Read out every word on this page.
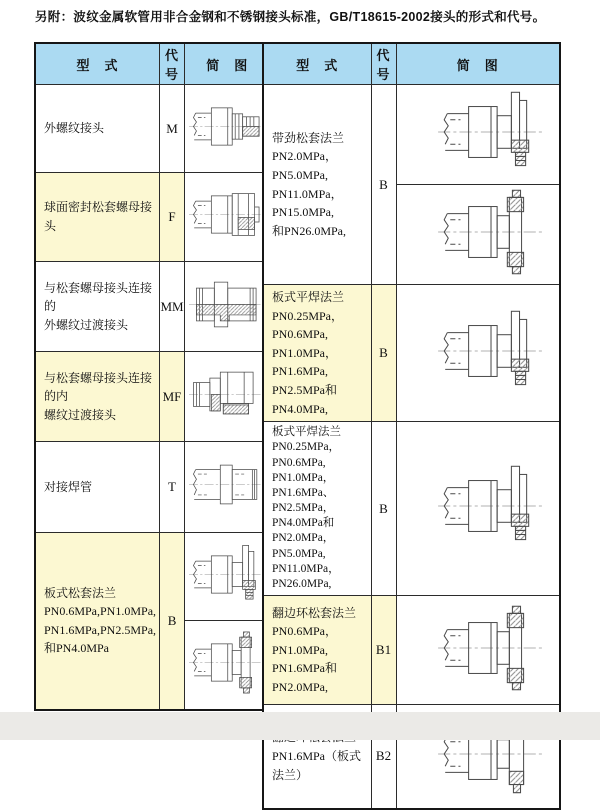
另附：波纹金属软管用非合金钢和不锈钢接头标准，GB/T18615-2002接头的形式和代号。
型　式	代号	简　图
外螺纹接头	M	
球面密封松套螺母接头	F	
与松套螺母接头连接的
外螺纹过渡接头	MM	
与松套螺母接头连接的内
螺纹过渡接头	MF	
对接焊管	T	
板式松套法兰
PN0.6MPa,PN1.0MPa,
PN1.6MPa,PN2.5MPa,
和PN4.0MPa	B	

型　式	代号	简　图
带劲松套法兰
PN2.0MPa，PN5.0MPa,
PN11.0MPa，PN15.0MPa,
和PN26.0MPa,	B	

板式平焊法兰
PN0.25MPa，PN0.6MPa,
PN1.0MPa，PN1.6MPa,
PN2.5MPa和PN4.0MPa,	B	
板式平焊法兰
PN0.25MPa，PN0.6MPa,
PN1.0MPa，PN1.6MPa、
PN2.5MPa，PN4.0MPa和
PN2.0MPa，PN5.0MPa,
PN11.0MPa，PN26.0MPa,	B	
翻边环松套法兰
PN0.6MPa，PN1.0MPa,
PN1.6MPa和PN2.0MPa,	B1	

PN1.6MPa（板式法兰）	B2	
